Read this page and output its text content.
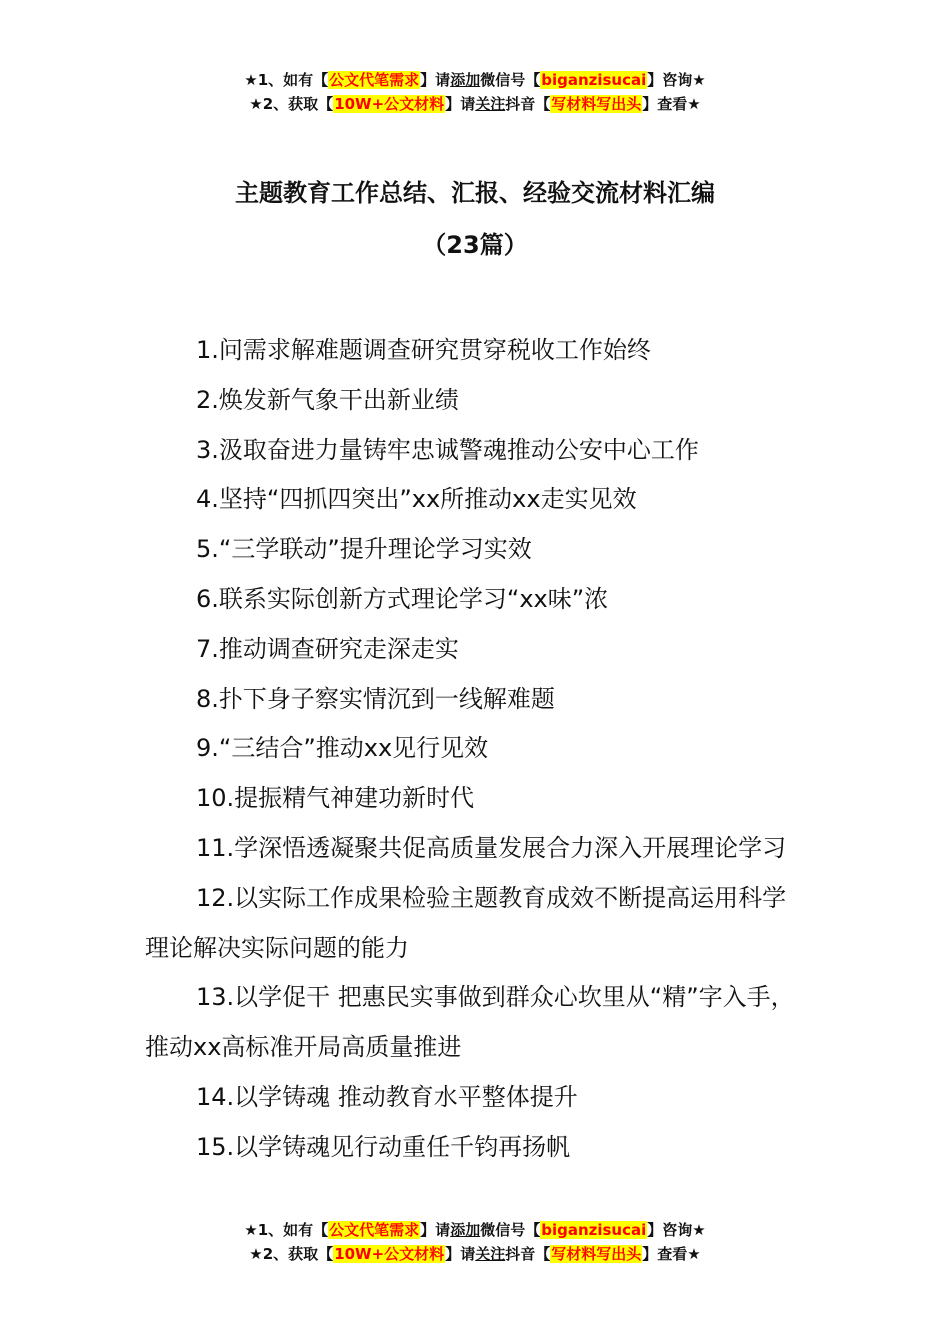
★1、如有【公文代笔需求】请添加微信号【biganzisucai】咨询★
★2、获取【10W+公文材料】请关注抖音【写材料写出头】查看★
主题教育工作总结、汇报、经验交流材料汇编
（23篇）
1.问需求解难题调查研究贯穿税收工作始终
2.焕发新气象干出新业绩
3.汲取奋进力量铸牢忠诚警魂推动公安中心工作
4.坚持“四抓四突出”xx所推动xx走实见效
5.“三学联动”提升理论学习实效
6.联系实际创新方式理论学习“xx味”浓
7.推动调查研究走深走实
8.扑下身子察实情沉到一线解难题
9.“三结合”推动xx见行见效
10.提振精气神建功新时代
11.学深悟透凝聚共促高质量发展合力深入开展理论学习
12.以实际工作成果检验主题教育成效不断提高运用科学理论解决实际问题的能力
13.以学促干 把惠民实事做到群众心坎里从“精”字入手，推动xx高标准开局高质量推进
14.以学铸魂 推动教育水平整体提升
15.以学铸魂见行动重任千钧再扬帆
★1、如有【公文代笔需求】请添加微信号【biganzisucai】咨询★
★2、获取【10W+公文材料】请关注抖音【写材料写出头】查看★
